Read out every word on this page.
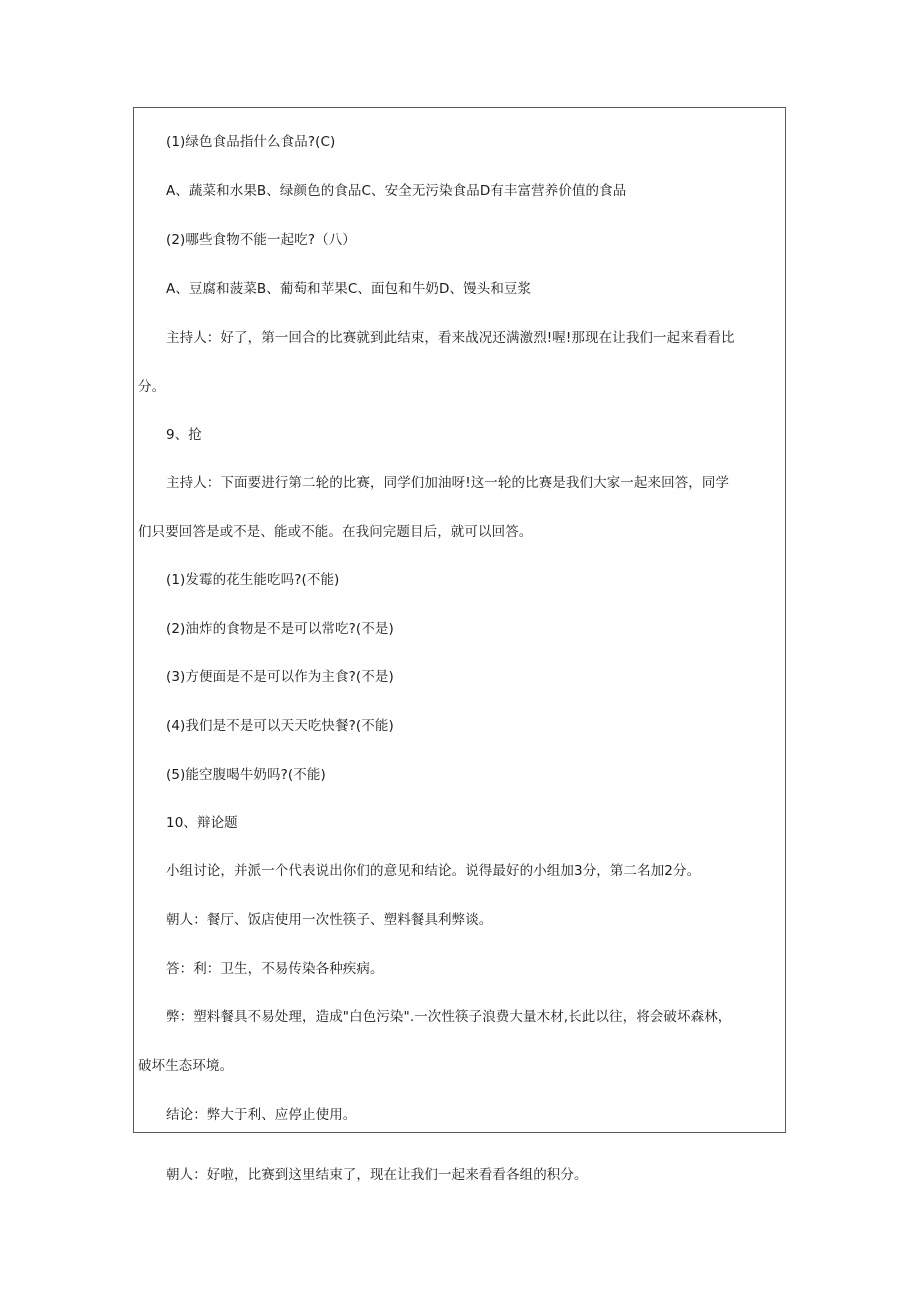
(1)绿色食品指什么食品?(C)
A、蔬菜和水果B、绿颜色的食品C、安全无污染食品D有丰富营养价值的食品
(2)哪些食物不能一起吃?（八）
A、豆腐和菠菜B、葡萄和苹果C、面包和牛奶D、馒头和豆浆
主持人：好了，第一回合的比赛就到此结束，看来战况还满激烈!喔!那现在让我们一起来看看比
分。
9、抢
主持人：下面要进行第二轮的比赛，同学们加油呀!这一轮的比赛是我们大家一起来回答，同学
们只要回答是或不是、能或不能。在我问完题目后，就可以回答。
(1)发霉的花生能吃吗?(不能)
(2)油炸的食物是不是可以常吃?(不是)
(3)方便面是不是可以作为主食?(不是)
(4)我们是不是可以天天吃快餐?(不能)
(5)能空腹喝牛奶吗?(不能)
10、辩论题
小组讨论，并派一个代表说出你们的意见和结论。说得最好的小组加3分，第二名加2分。
朝人：餐厅、饭店使用一次性筷子、塑料餐具利弊谈。
答：利：卫生，不易传染各种疾病。
弊：塑料餐具不易处理，造成"白色污染".一次性筷子浪费大量木材,长此以往，将会破坏森林，
破坏生态环境。
结论：弊大于利、应停止使用。
朝人：好啦，比赛到这里结束了，现在让我们一起来看看各组的积分。
